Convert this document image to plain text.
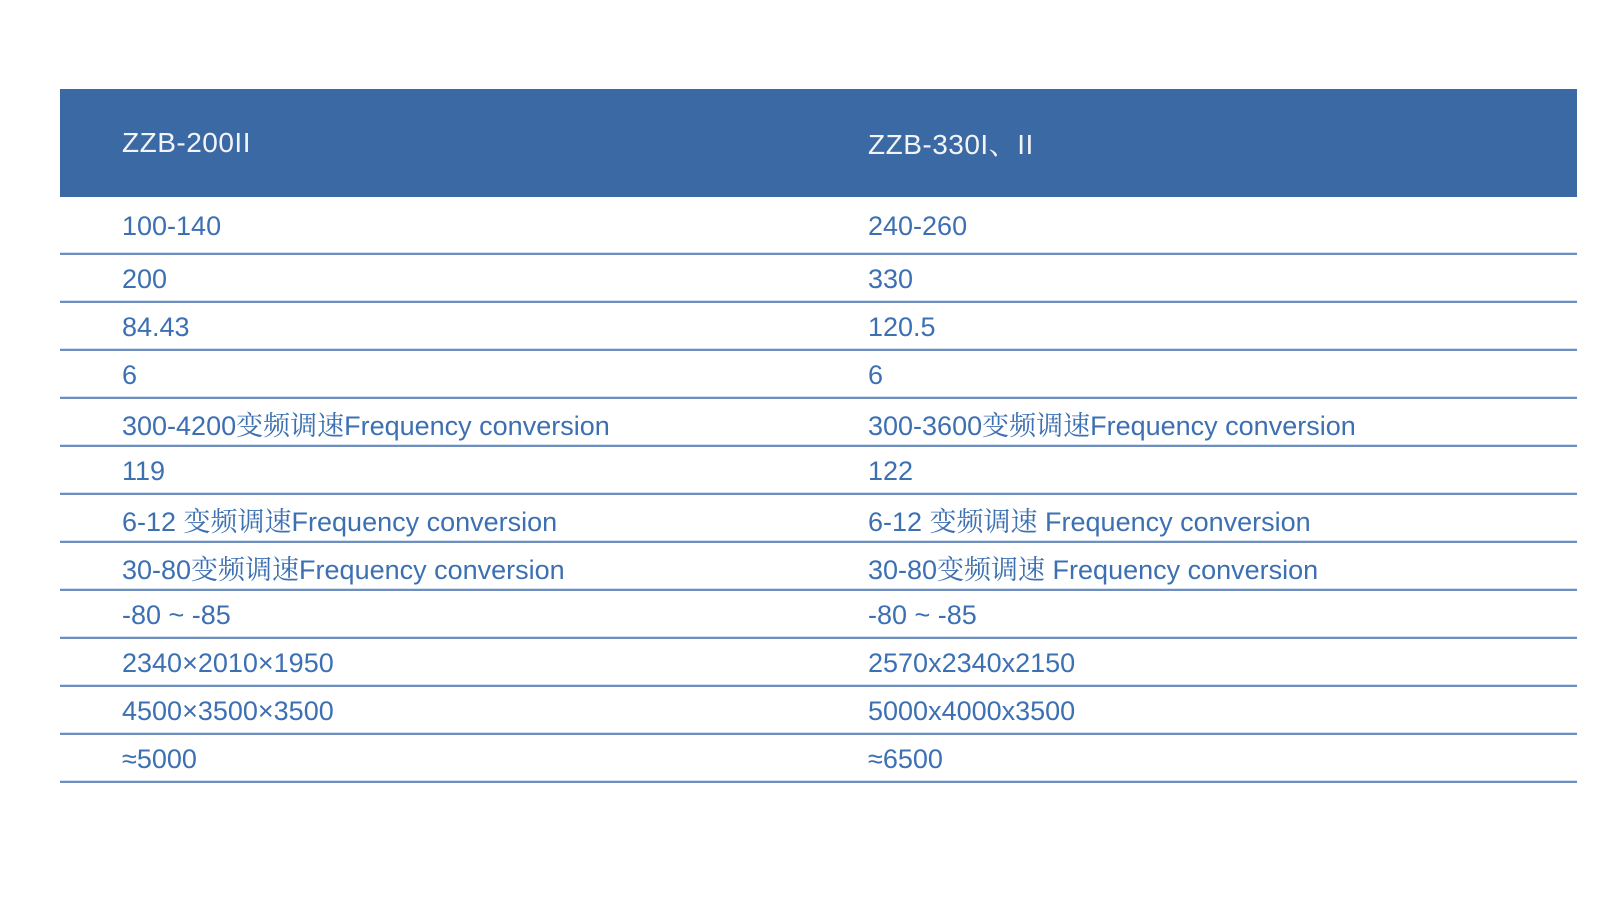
ZZB-200II	ZZB-330I、II
100-140	240-260
200	330
84.43	120.5
6	6
300-4200变频调速Frequency conversion	300-3600变频调速Frequency conversion
119	122
6-12 变频调速Frequency conversion	6-12 变频调速 Frequency conversion
30-80变频调速Frequency conversion	30-80变频调速 Frequency conversion
-80 ~ -85	-80 ~ -85
2340×2010×1950	2570x2340x2150
4500×3500×3500	5000x4000x3500
≈5000	≈6500
